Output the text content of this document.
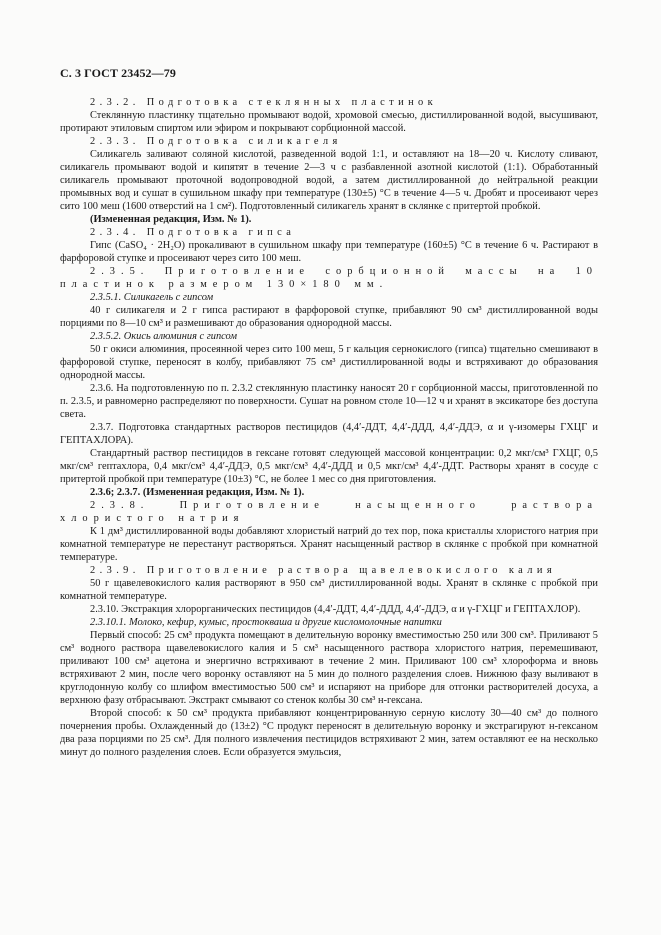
С. 3 ГОСТ 23452—79

2.3.2. Подготовка стеклянных пластинок

Стеклянную пластинку тщательно промывают водой, хромовой смесью, дистиллированной водой, высушивают, протирают этиловым спиртом или эфиром и покрывают сорбционной массой.

2.3.3. Подготовка силикагеля

Силикагель заливают соляной кислотой, разведенной водой 1:1, и оставляют на 18—20 ч. Кислоту сливают, силикагель промывают водой и кипятят в течение 2—3 ч с разбавленной азотной кислотой (1:1). Обработанный силикагель промывают проточной водопроводной водой, а затем дистиллированной до нейтральной реакции промывных вод и сушат в сушильном шкафу при температуре (130±5) °С в течение 4—5 ч. Дробят и просеивают через сито 100 меш (1600 отверстий на 1 см²). Подготовленный силикагель хранят в склянке с притертой пробкой.

(Измененная редакция, Изм. № 1).

2.3.4. Подготовка гипса

Гипс (CaSO₄ · 2H₂O) прокаливают в сушильном шкафу при температуре (160±5) °С в течение 6 ч. Растирают в фарфоровой ступке и просеивают через сито 100 меш.

2.3.5. Приготовление сорбционной массы на 10 пластинок размером 130×180 мм.

2.3.5.1. Силикагель с гипсом

40 г силикагеля и 2 г гипса растирают в фарфоровой ступке, прибавляют 90 см³ дистиллированной воды порциями по 8—10 см³ и размешивают до образования однородной массы.

2.3.5.2. Окись алюминия с гипсом

50 г окиси алюминия, просеянной через сито 100 меш, 5 г кальция сернокислого (гипса) тщательно смешивают в фарфоровой ступке, переносят в колбу, прибавляют 75 см³ дистиллированной воды и встряхивают до образования однородной массы.

2.3.6. На подготовленную по п. 2.3.2 стеклянную пластинку наносят 20 г сорбционной массы, приготовленной по п. 2.3.5, и равномерно распределяют по поверхности. Сушат на ровном столе 10—12 ч и хранят в эксикаторе без доступа света.

2.3.7. Подготовка стандартных растворов пестицидов (4,4′-ДДТ, 4,4′-ДДД, 4,4′-ДДЭ, α и γ-изомеры ГХЦГ и ГЕПТАХЛОРА).

Стандартный раствор пестицидов в гексане готовят следующей массовой концентрации: 0,2 мкг/см³ ГХЦГ, 0,5 мкг/см³ гептахлора, 0,4 мкг/см³ 4,4′-ДДЭ, 0,5 мкг/см³ 4,4′-ДДД и 0,5 мкг/см³ 4,4′-ДДТ. Растворы хранят в сосуде с притертой пробкой при температуре (10±3) °С, не более 1 мес со дня приготовления.

2.3.6; 2.3.7. (Измененная редакция, Изм. № 1).

2.3.8. Приготовление насыщенного раствора хлористого натрия

К 1 дм³ дистиллированной воды добавляют хлористый натрий до тех пор, пока кристаллы хлористого натрия при комнатной температуре не перестанут растворяться. Хранят насыщенный раствор в склянке с пробкой при комнатной температуре.

2.3.9. Приготовление раствора щавелевокислого калия

50 г щавелевокислого калия растворяют в 950 см³ дистиллированной воды. Хранят в склянке с пробкой при комнатной температуре.

2.3.10. Экстракция хлорорганических пестицидов (4,4′-ДДТ, 4,4′-ДДД, 4,4′-ДДЭ, α и γ-ГХЦГ и ГЕПТАХЛОР).

2.3.10.1. Молоко, кефир, кумыс, простокваша и другие кисломолочные напитки

Первый способ: 25 см³ продукта помещают в делительную воронку вместимостью 250 или 300 см³. Приливают 5 см³ водного раствора щавелевокислого калия и 5 см³ насыщенного раствора хлористого натрия, перемешивают, приливают 100 см³ ацетона и энергично встряхивают в течение 2 мин. Приливают 100 см³ хлороформа и вновь встряхивают 2 мин, после чего воронку оставляют на 5 мин до полного разделения слоев. Нижнюю фазу выливают в круглодонную колбу со шлифом вместимостью 500 см³ и испаряют на приборе для отгонки растворителей досуха, а верхнюю фазу отбрасывают. Экстракт смывают со стенок колбы 30 см³ н-гексана.

Второй способ: к 50 см³ продукта прибавляют концентрированную серную кислоту 30—40 см³ до полного почернения пробы. Охлажденный до (13±2) °С продукт переносят в делительную воронку и экстрагируют н-гексаном два раза порциями по 25 см³. Для полного извлечения пестицидов встряхивают 2 мин, затем оставляют ее на несколько минут до полного разделения слоев. Если образуется эмульсия,
